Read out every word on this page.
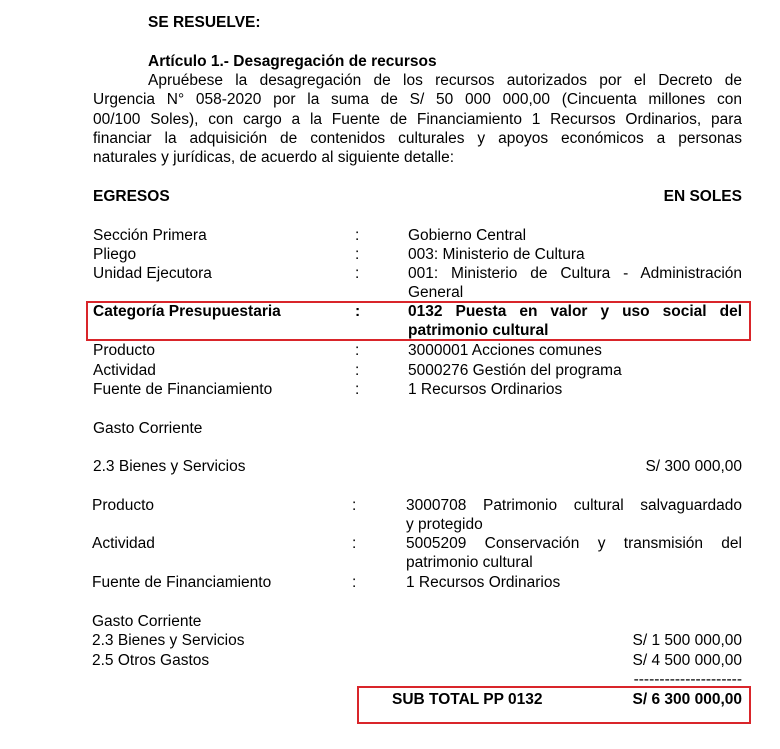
SE RESUELVE:
Artículo 1.- Desagregación de recursos
Apruébese la desagregación de los recursos autorizados por el Decreto de
Urgencia N° 058-2020 por la suma de S/ 50 000 000,00 (Cincuenta millones con
00/100 Soles), con cargo a la Fuente de Financiamiento 1 Recursos Ordinarios, para
financiar la adquisición de contenidos culturales y apoyos económicos a personas
naturales y jurídicas, de acuerdo al siguiente detalle:
EGRESOS	EN SOLES
Sección Primera	:	Gobierno Central
Pliego	:	003: Ministerio de Cultura
Unidad Ejecutora	:	001: Ministerio de Cultura - Administración
General
Categoría Presupuestaria	:	0132 Puesta en valor y uso social del
patrimonio cultural
Producto	:	3000001 Acciones comunes
Actividad	:	5000276 Gestión del programa
Fuente de Financiamiento	:	1 Recursos Ordinarios
Gasto Corriente
2.3 Bienes y Servicios	S/ 300 000,00
Producto	:	3000708 Patrimonio cultural salvaguardado
y protegido
Actividad	:	5005209 Conservación y transmisión del
patrimonio cultural
Fuente de Financiamiento	:	1 Recursos Ordinarios
Gasto Corriente
2.3 Bienes y Servicios	S/ 1 500 000,00
2.5 Otros Gastos	S/ 4 500 000,00
---------------------
SUB TOTAL PP 0132	S/ 6 300 000,00
